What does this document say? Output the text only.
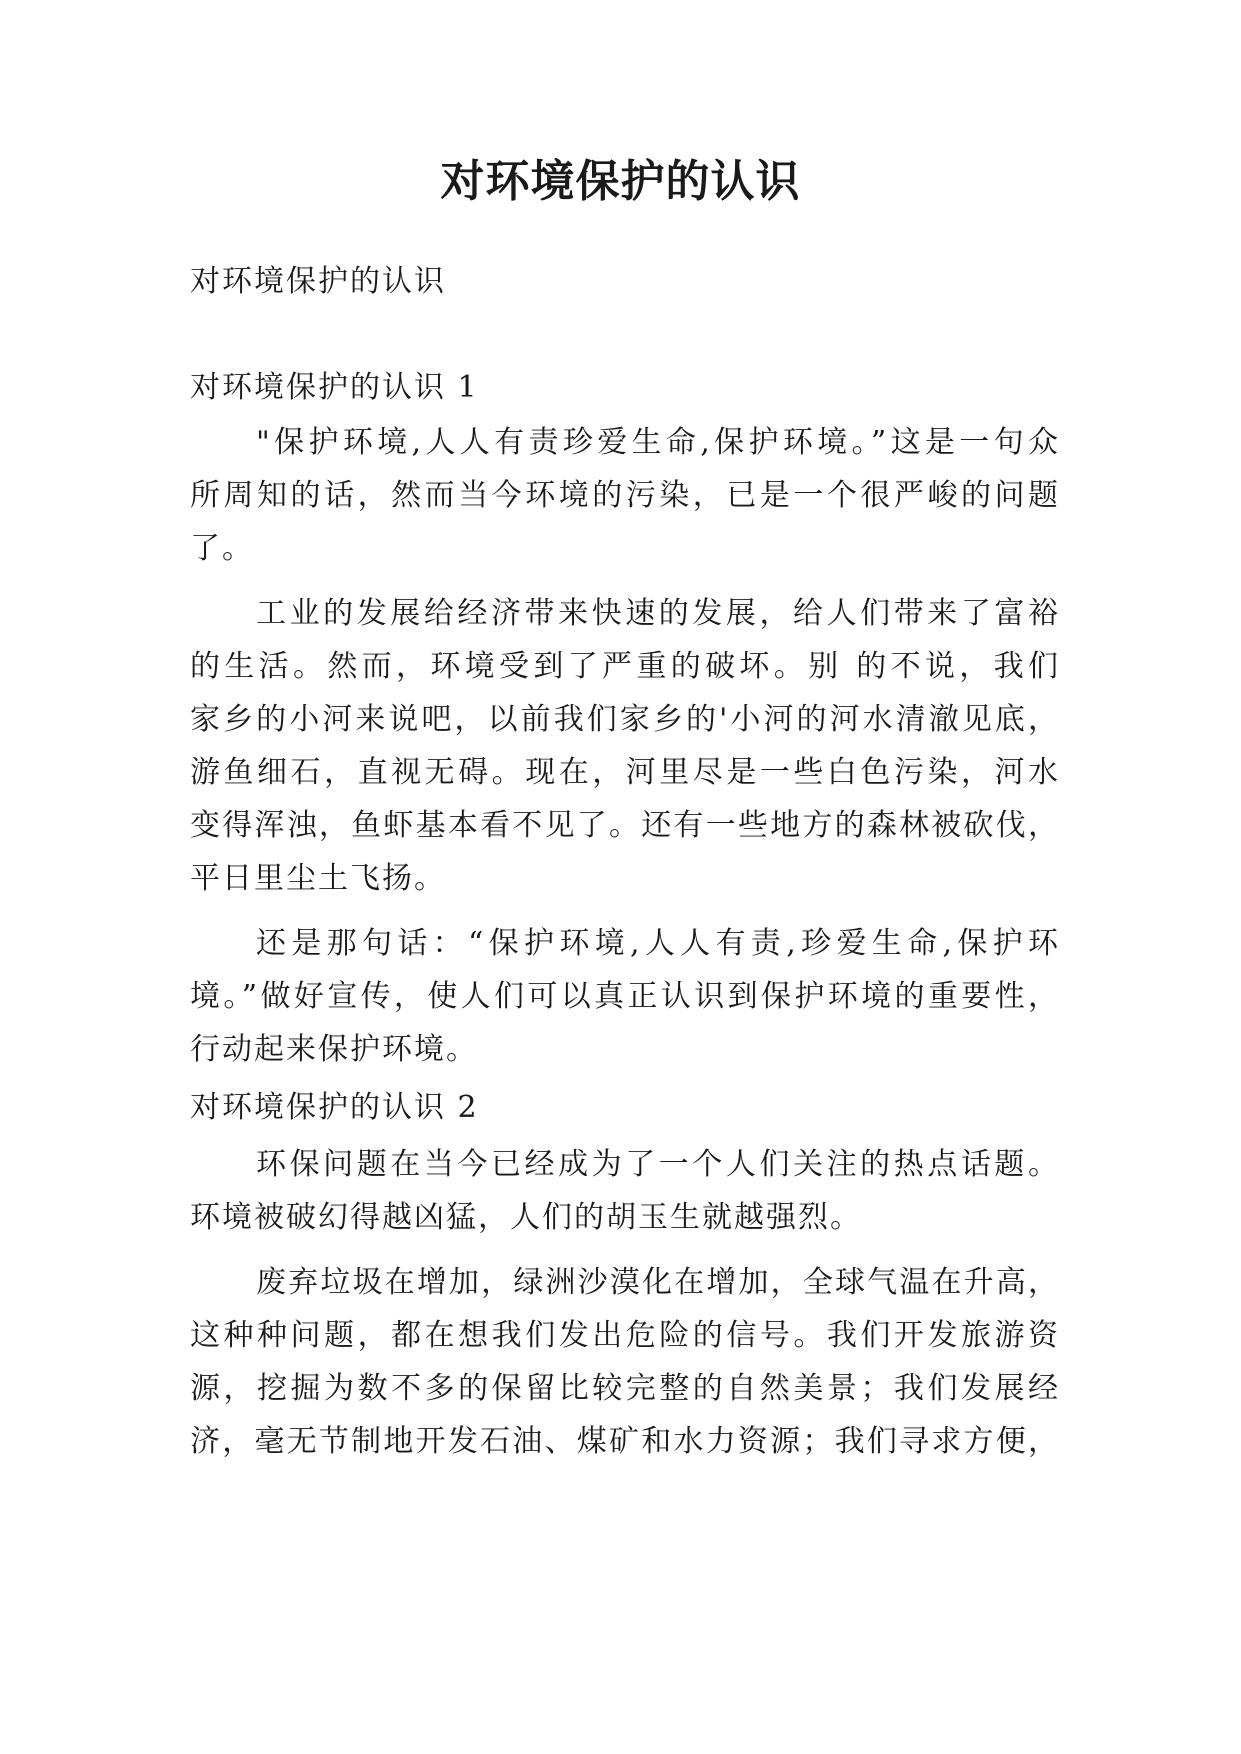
对环境保护的认识
对环境保护的认识
对环境保护的认识 1
"保护环境,人人有责珍爱生命,保护环境。”这是一句众
所周知的话，然而当今环境的污染，已是一个很严峻的问题
了。
工业的发展给经济带来快速的发展，给人们带来了富裕
的生活。然而，环境受到了严重的破坏。别 的不说，我们
家乡的小河来说吧，以前我们家乡的'小河的河水清澈见底，
游鱼细石，直视无碍。现在，河里尽是一些白色污染，河水
变得浑浊，鱼虾基本看不见了。还有一些地方的森林被砍伐，
平日里尘土飞扬。
还是那句话：“保护环境,人人有责,珍爱生命,保护环
境。”做好宣传，使人们可以真正认识到保护环境的重要性，
行动起来保护环境。
对环境保护的认识 2
环保问题在当今已经成为了一个人们关注的热点话题。
环境被破幻得越凶猛，人们的胡玉生就越强烈。
废弃垃圾在增加，绿洲沙漠化在增加，全球气温在升高，
这种种问题，都在想我们发出危险的信号。我们开发旅游资
源，挖掘为数不多的保留比较完整的自然美景；我们发展经
济，毫无节制地开发石油、煤矿和水力资源；我们寻求方便，
